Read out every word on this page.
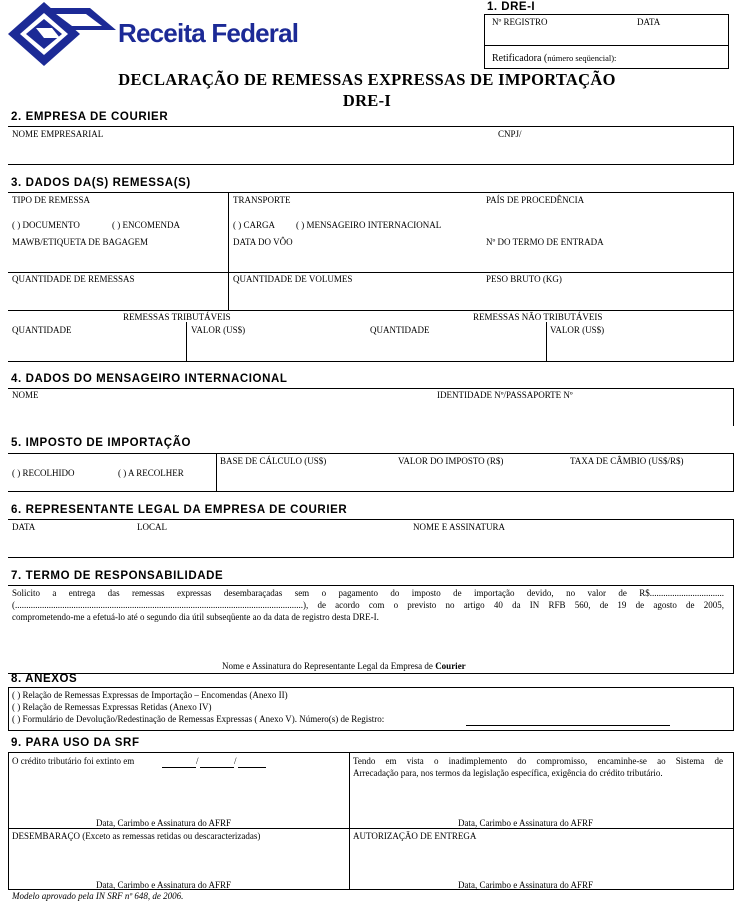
Receita Federal
1. DRE-I
Nº REGISTRO	DATA
Retificadora (número seqüencial):
DECLARAÇÃO DE REMESSAS EXPRESSAS DE IMPORTAÇÃO
DRE-I
2. EMPRESA DE COURIER
NOME EMPRESARIAL	CNPJ/
3. DADOS DA(S) REMESSA(S)
TIPO DE REMESSA	TRANSPORTE	PAÍS DE PROCEDÊNCIA
( ) DOCUMENTO	( ) ENCOMENDA	( ) CARGA ( ) MENSAGEIRO INTERNACIONAL
MAWB/ETIQUETA DE BAGAGEM	DATA DO VÔO	Nº DO TERMO DE ENTRADA
QUANTIDADE DE REMESSAS	QUANTIDADE DE VOLUMES	PESO BRUTO (KG)
REMESSAS TRIBUTÁVEIS	REMESSAS NÃO TRIBUTÁVEIS
QUANTIDADE	VALOR (US$)	QUANTIDADE	VALOR (US$)
4. DADOS DO MENSAGEIRO INTERNACIONAL
NOME	IDENTIDADE Nº/PASSAPORTE Nº
5. IMPOSTO DE IMPORTAÇÃO
( ) RECOLHIDO	( ) A RECOLHER
BASE DE CÁLCULO (US$)	VALOR DO IMPOSTO (R$)	TAXA DE CÂMBIO (US$/R$)
6. REPRESENTANTE LEGAL DA EMPRESA DE COURIER
DATA	LOCAL	NOME E ASSINATURA
7. TERMO DE RESPONSABILIDADE
Solicito a entrega das remessas expressas desembaraçadas sem o pagamento do imposto de importação devido, no valor de R$.................................
(................................................................................................................................), de acordo com o previsto no artigo 40 da IN RFB 560, de 19 de agosto de 2005,
comprometendo-me a efetuá-lo até o segundo dia útil subseqüente ao da data de registro desta DRE-I.
Nome e Assinatura do Representante Legal da Empresa de Courier
8. ANEXOS
( ) Relação de Remessas Expressas de Importação – Encomendas (Anexo II)
( ) Relação de Remessas Expressas Retidas (Anexo IV)
( ) Formulário de Devolução/Redestinação de Remessas Expressas ( Anexo V). Número(s) de Registro:
9. PARA USO DA SRF
O crédito tributário foi extinto em	/	/	Tendo em vista o inadimplemento do compromisso, encaminhe-se ao Sistema de
Arrecadação para, nos termos da legislação específica, exigência do crédito tributário.
Data, Carimbo e Assinatura do AFRF	Data, Carimbo e Assinatura do AFRF
DESEMBARAÇO (Exceto as remessas retidas ou descaracterizadas)	AUTORIZAÇÃO DE ENTREGA
Data, Carimbo e Assinatura do AFRF	Data, Carimbo e Assinatura do AFRF
Modelo aprovado pela IN SRF nº 648, de 2006.
